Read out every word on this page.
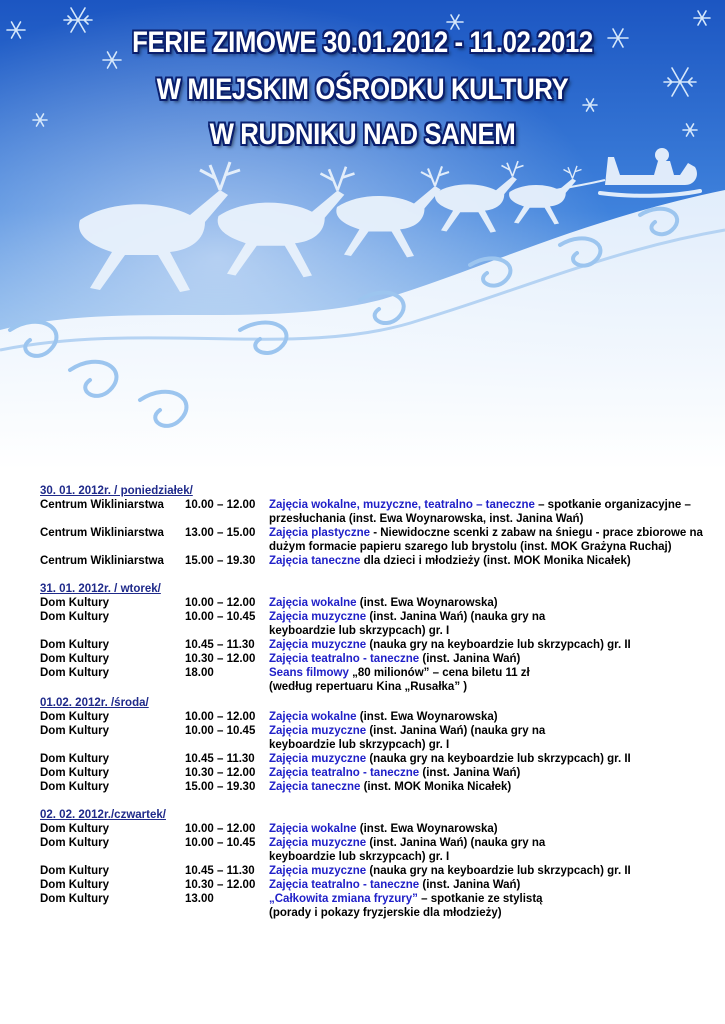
FERIE ZIMOWE 30.01.2012 - 11.02.2012
W MIEJSKIM OŚRODKU KULTURY
W RUDNIKU NAD SANEM
30. 01. 2012r. / poniedziałek/
Centrum Wikliniarstwa	10.00 – 12.00	Zajęcia wokalne, muzyczne, teatralno – taneczne – spotkanie organizacyjne – przesłuchania (inst. Ewa Woynarowska, inst. Janina Wań)
Centrum Wikliniarstwa	13.00 – 15.00	Zajęcia plastyczne - Niewidoczne scenki z zabaw na śniegu - prace zbiorowe na dużym formacie papieru szarego lub brystolu (inst. MOK Grażyna Ruchaj)
Centrum Wikliniarstwa	15.00 – 19.30	Zajęcia taneczne dla dzieci i młodzieży (inst. MOK Monika Nicałek)
31. 01. 2012r. / wtorek/
Dom Kultury	10.00 – 12.00	Zajęcia wokalne (inst. Ewa Woynarowska)
Dom Kultury	10.00 – 10.45	Zajęcia muzyczne (inst. Janina Wań) (nauka gry na keyboardzie lub skrzypcach) gr. I
Dom Kultury	10.45 – 11.30	Zajęcia muzyczne (nauka gry na keyboardzie lub skrzypcach) gr. II
Dom Kultury	10.30 – 12.00	Zajęcia teatralno - taneczne (inst. Janina Wań)
Dom Kultury	18.00	Seans filmowy „80 milionów” – cena biletu 11 zł (według repertuaru Kina „Rusałka” )
01.02. 2012r. /środa/
Dom Kultury	10.00 – 12.00	Zajęcia wokalne (inst. Ewa Woynarowska)
Dom Kultury	10.00 – 10.45	Zajęcia muzyczne (inst. Janina Wań) (nauka gry na keyboardzie lub skrzypcach) gr. I
Dom Kultury	10.45 – 11.30	Zajęcia muzyczne (nauka gry na keyboardzie lub skrzypcach) gr. II
Dom Kultury	10.30 – 12.00	Zajęcia teatralno - taneczne (inst. Janina Wań)
Dom Kultury	15.00 – 19.30	Zajęcia taneczne (inst. MOK Monika Nicałek)
02. 02. 2012r./czwartek/
Dom Kultury	10.00 – 12.00	Zajęcia wokalne (inst. Ewa Woynarowska)
Dom Kultury	10.00 – 10.45	Zajęcia muzyczne (inst. Janina Wań) (nauka gry na keyboardzie lub skrzypcach) gr. I
Dom Kultury	10.45 – 11.30	Zajęcia muzyczne (nauka gry na keyboardzie lub skrzypcach) gr. II
Dom Kultury	10.30 – 12.00	Zajęcia teatralno - taneczne (inst. Janina Wań)
Dom Kultury	13.00	„Całkowita zmiana fryzury” – spotkanie ze stylistą (porady i pokazy fryzjerskie dla młodzieży)
